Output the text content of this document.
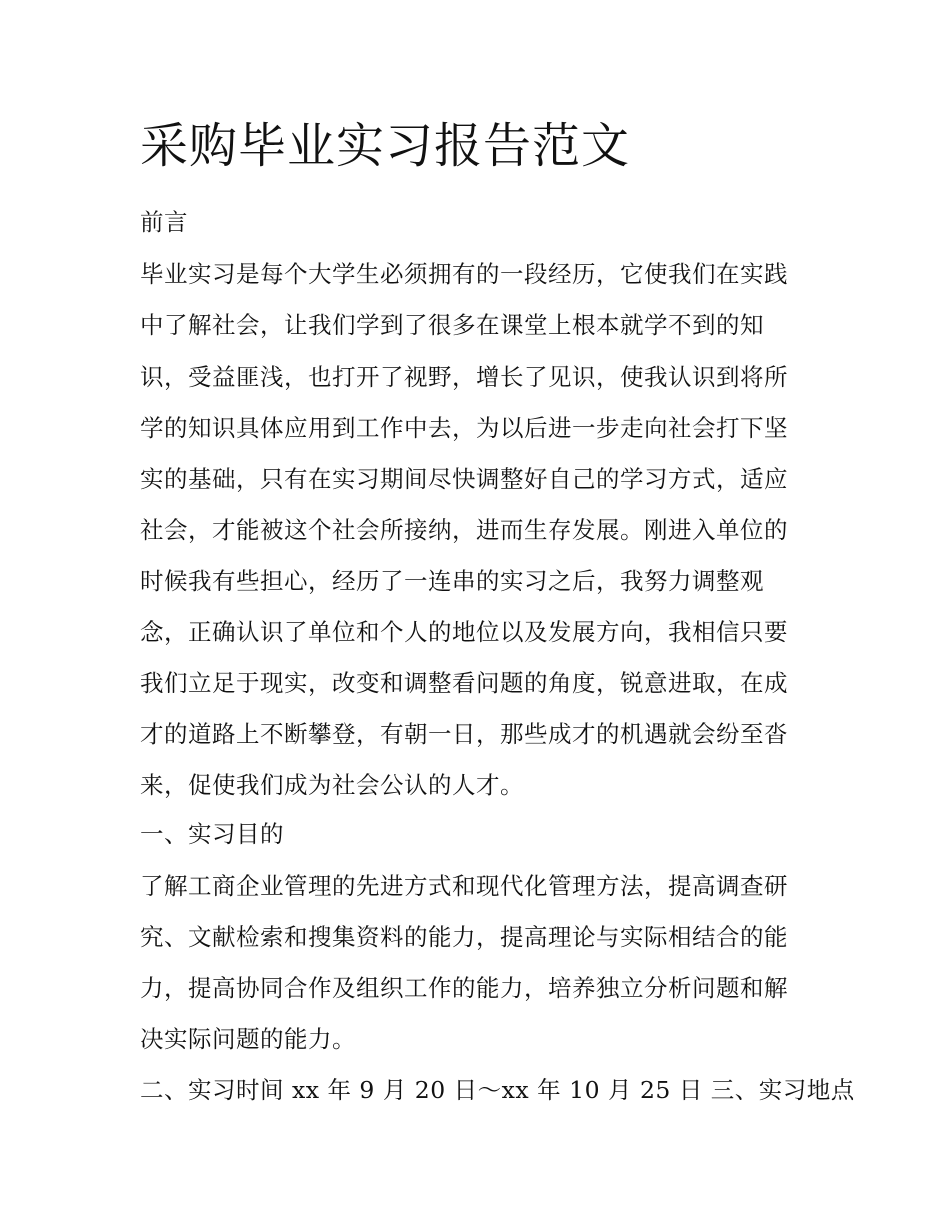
采购毕业实习报告范文

前言

毕业实习是每个大学生必须拥有的一段经历，它使我们在实践

中了解社会，让我们学到了很多在课堂上根本就学不到的知

识，受益匪浅，也打开了视野，增长了见识，使我认识到将所

学的知识具体应用到工作中去，为以后进一步走向社会打下坚

实的基础，只有在实习期间尽快调整好自己的学习方式，适应

社会，才能被这个社会所接纳，进而生存发展。刚进入单位的

时候我有些担心，经历了一连串的实习之后，我努力调整观

念，正确认识了单位和个人的地位以及发展方向，我相信只要

我们立足于现实，改变和调整看问题的角度，锐意进取，在成

才的道路上不断攀登，有朝一日，那些成才的机遇就会纷至沓

来，促使我们成为社会公认的人才。

一、实习目的

了解工商企业管理的先进方式和现代化管理方法，提高调查研

究、文献检索和搜集资料的能力，提高理论与实际相结合的能

力，提高协同合作及组织工作的能力，培养独立分析问题和解

决实际问题的能力。

二、实习时间 xx 年 9 月 20 日～xx 年 10 月 25 日 三、实习地点
